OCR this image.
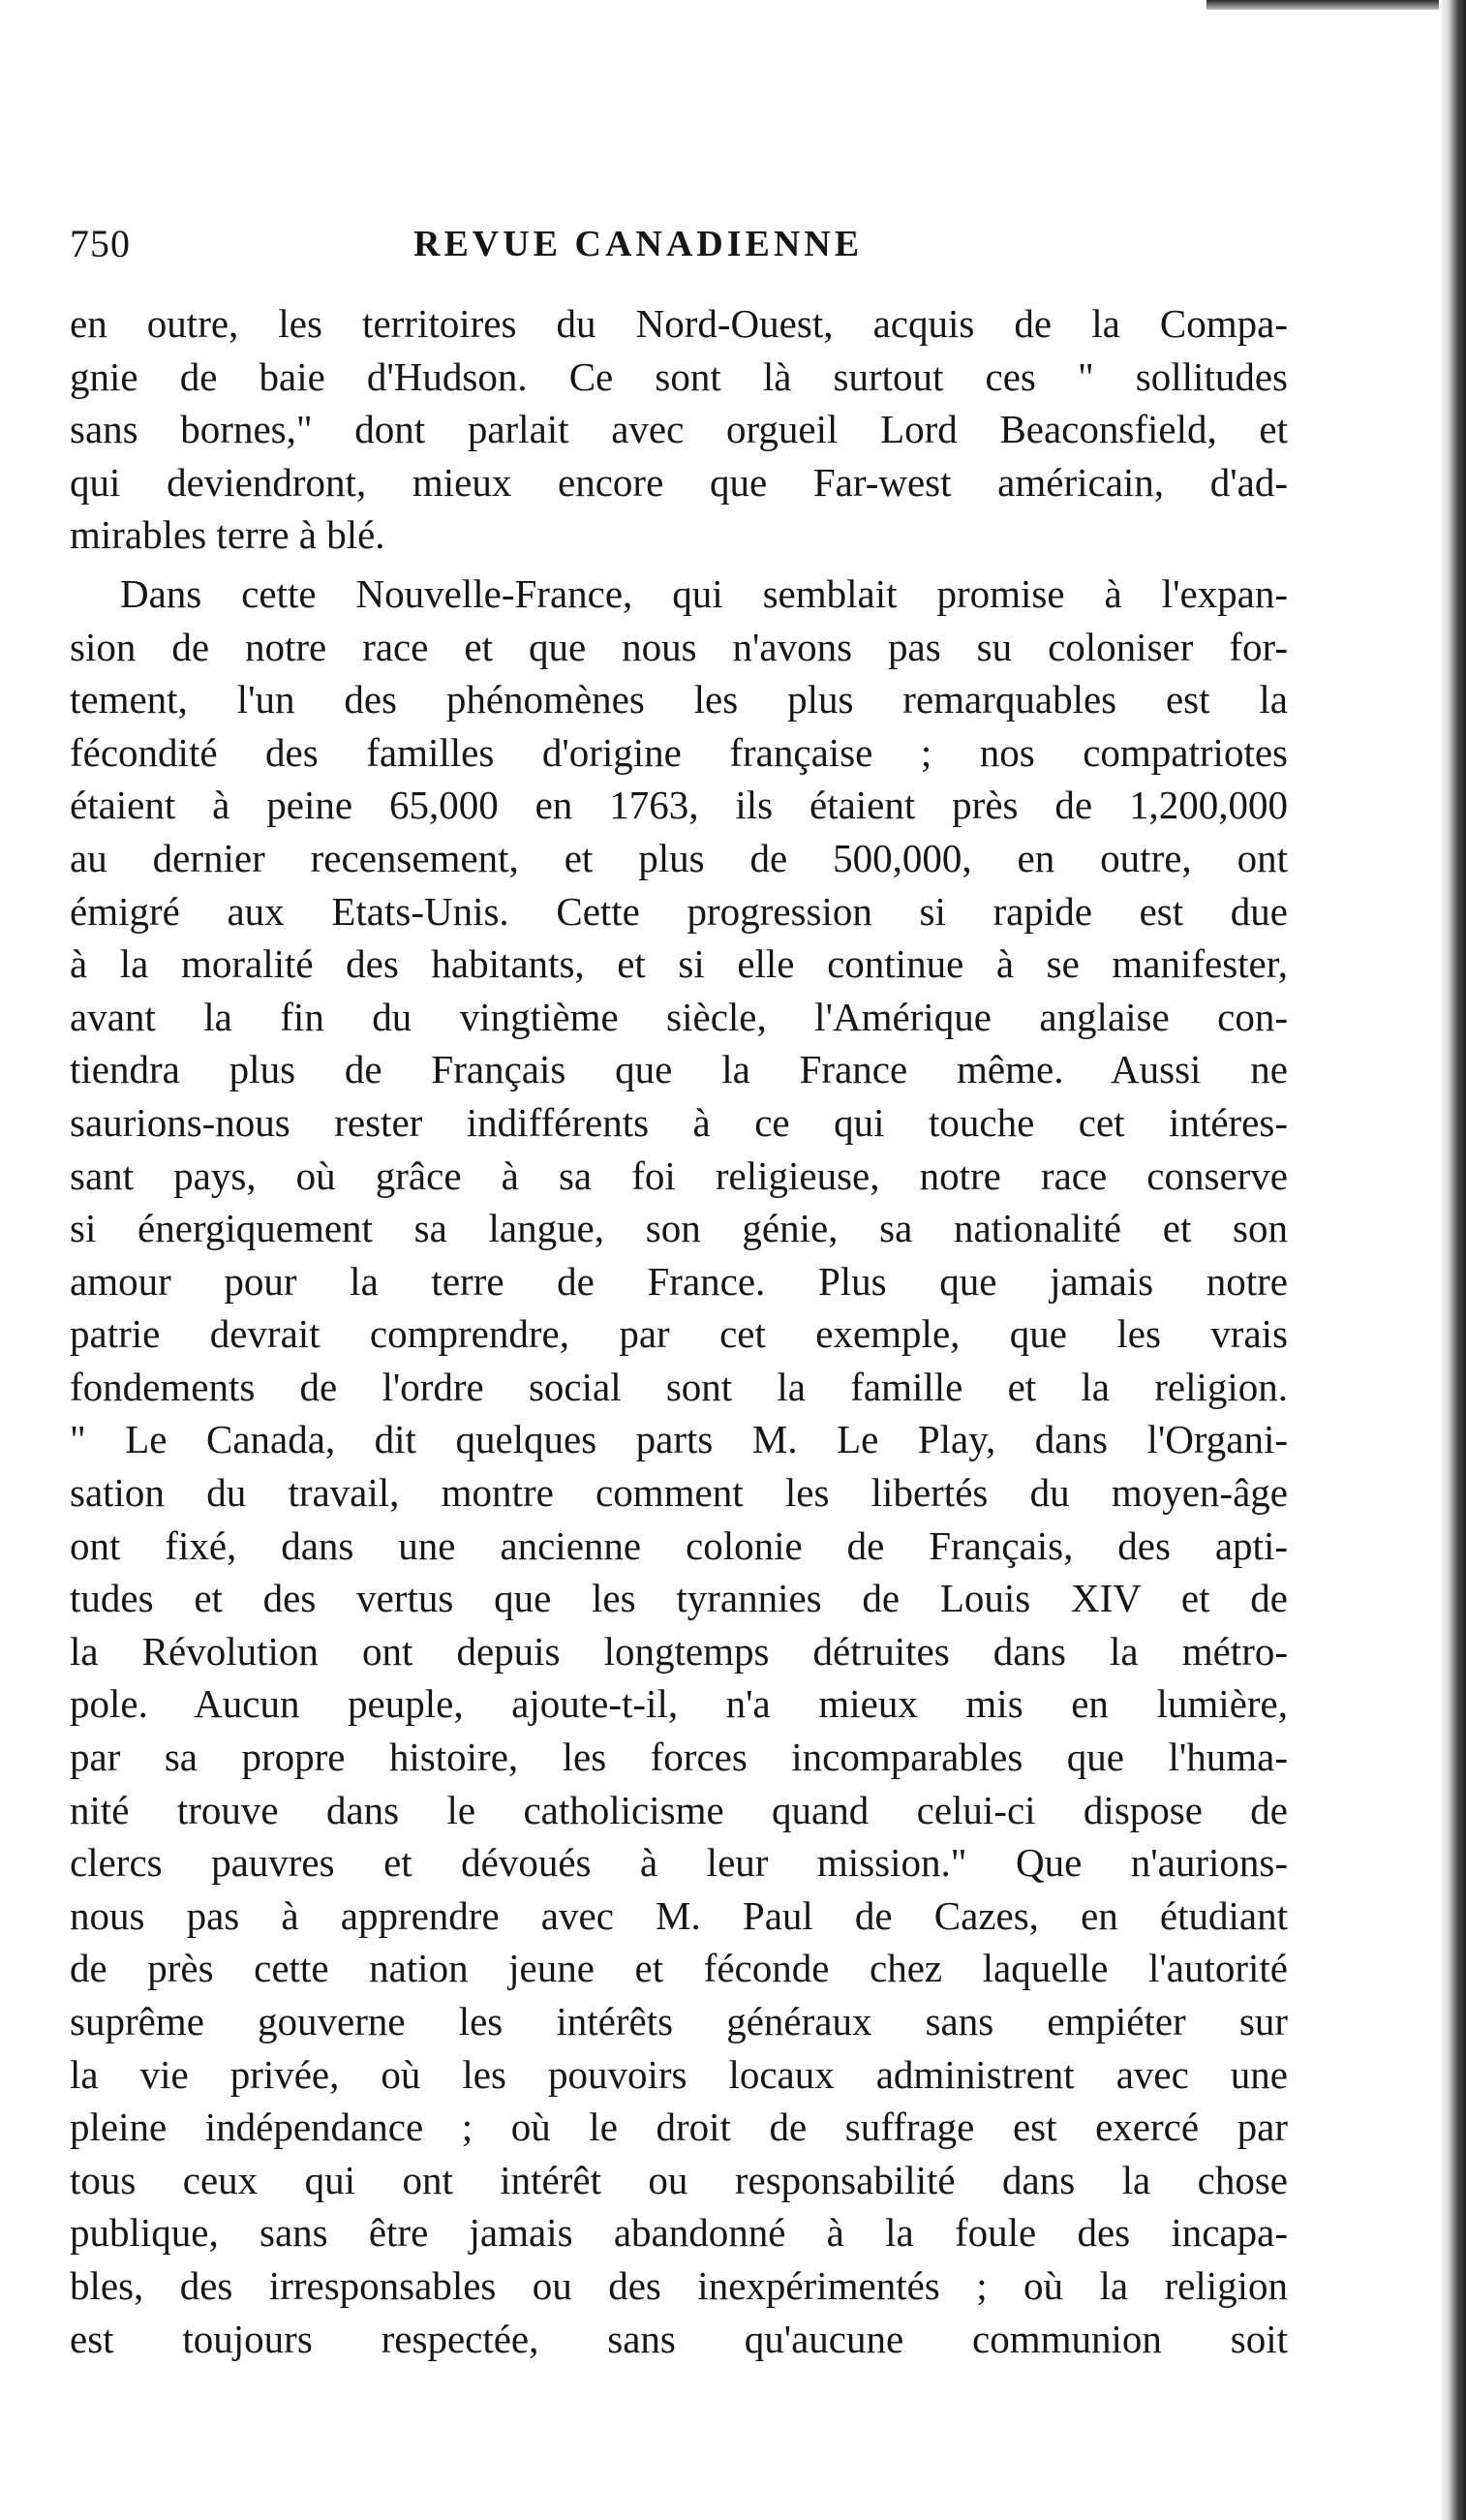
750	REVUE CANADIENNE

en outre, les territoires du Nord-Ouest, acquis de la Compa-
gnie de baie d'Hudson. Ce sont là surtout ces " sollitudes
sans bornes," dont parlait avec orgueil Lord Beaconsfield, et
qui deviendront, mieux encore que Far-west américain, d'ad-
mirables terre à blé.

Dans cette Nouvelle-France, qui semblait promise à l'expan-
sion de notre race et que nous n'avons pas su coloniser for-
tement, l'un des phénomènes les plus remarquables est la
fécondité des familles d'origine française ; nos compatriotes
étaient à peine 65,000 en 1763, ils étaient près de 1,200,000
au dernier recensement, et plus de 500,000, en outre, ont
émigré aux Etats-Unis. Cette progression si rapide est due
à la moralité des habitants, et si elle continue à se manifester,
avant la fin du vingtième siècle, l'Amérique anglaise con-
tiendra plus de Français que la France même. Aussi ne
saurions-nous rester indifférents à ce qui touche cet intéres-
sant pays, où grâce à sa foi religieuse, notre race conserve
si énergiquement sa langue, son génie, sa nationalité et son
amour pour la terre de France. Plus que jamais notre
patrie devrait comprendre, par cet exemple, que les vrais
fondements de l'ordre social sont la famille et la religion.
" Le Canada, dit quelques parts M. Le Play, dans l'Organi-
sation du travail, montre comment les libertés du moyen-âge
ont fixé, dans une ancienne colonie de Français, des apti-
tudes et des vertus que les tyrannies de Louis XIV et de
la Révolution ont depuis longtemps détruites dans la métro-
pole. Aucun peuple, ajoute-t-il, n'a mieux mis en lumière,
par sa propre histoire, les forces incomparables que l'huma-
nité trouve dans le catholicisme quand celui-ci dispose de
clercs pauvres et dévoués à leur mission." Que n'aurions-
nous pas à apprendre avec M. Paul de Cazes, en étudiant
de près cette nation jeune et féconde chez laquelle l'autorité
suprême gouverne les intérêts généraux sans empiéter sur
la vie privée, où les pouvoirs locaux administrent avec une
pleine indépendance ; où le droit de suffrage est exercé par
tous ceux qui ont intérêt ou responsabilité dans la chose
publique, sans être jamais abandonné à la foule des incapa-
bles, des irresponsables ou des inexpérimentés ; où la religion
est toujours respectée, sans qu'aucune communion soit
